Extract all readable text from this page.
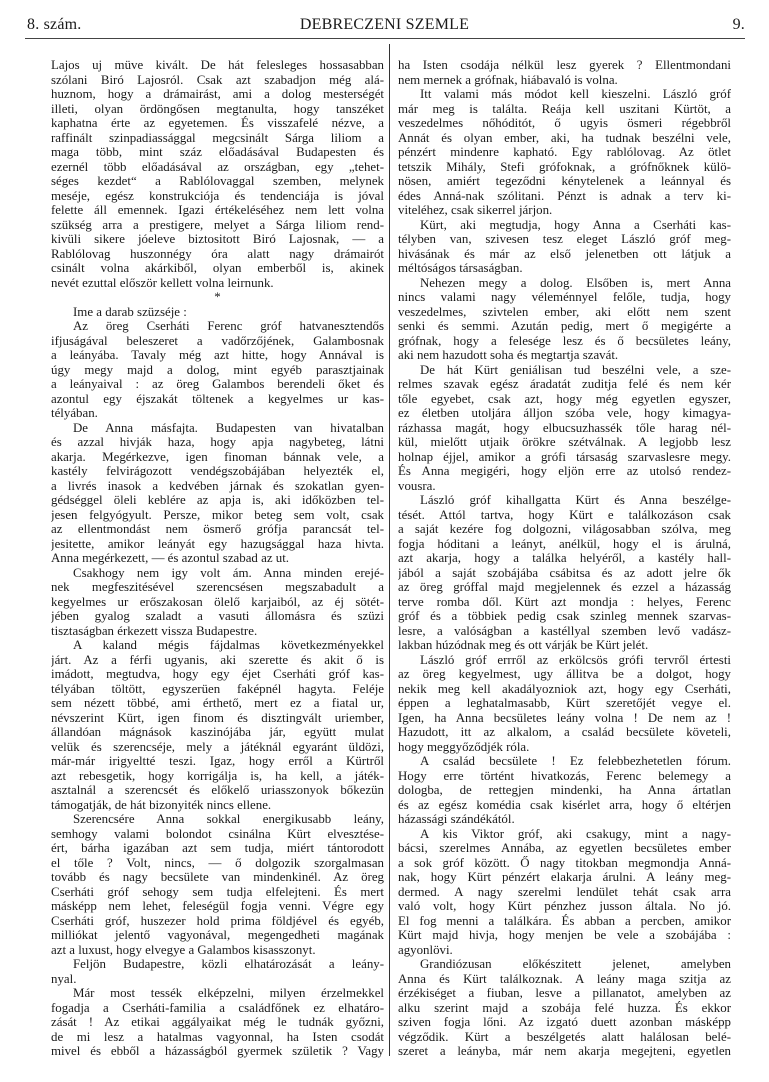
8. szám.	DEBRECZENI SZEMLE	9.
Lajos uj müve kivált. De hát felesleges hossasabban
szólani Biró Lajosról. Csak azt szabadjon még alá-
huznom, hogy a drámairást, ami a dolog mesterségét
illeti, olyan ördöngősen megtanulta, hogy tanszéket
kaphatna érte az egyetemen. És visszafelé nézve, a
raffinált szinpadiassággal megcsinált Sárga liliom a
maga több, mint száz előadásával Budapesten és
ezernél több előadásával az országban, egy „tehet-
séges kezdet“ a Rablólovaggal szemben, melynek
meséje, egész konstrukciója és tendenciája is jóval
felette áll emennek. Igazi értékeléséhez nem lett volna
szükség arra a prestigere, melyet a Sárga liliom rend-
kivüli sikere jóeleve biztositott Biró Lajosnak, — a
Rablólovag huszonnégy óra alatt nagy drámairót
csinált volna akárkiből, olyan emberből is, akinek
nevét ezuttal először kellett volna leirnunk.
*
Ime a darab szüzséje :
Az öreg Cserháti Ferenc gróf hatvanesztendős
ifjuságával beleszeret a vadőrzőjének, Galambosnak
a leányába. Tavaly még azt hitte, hogy Annával is
úgy megy majd a dolog, mint egyéb parasztjainak
a leányaival : az öreg Galambos berendeli őket és
azontul egy éjszakát töltenek a kegyelmes ur kas-
télyában.
De Anna másfajta. Budapesten van hivatalban
és azzal hivják haza, hogy apja nagybeteg, látni
akarja. Megérkezve, igen finoman bánnak vele, a
kastély felvirágozott vendégszobájában helyezték el,
a livrés inasok a kedvében járnak és szokatlan gyen-
gédséggel öleli keblére az apja is, aki időközben tel-
jesen felgyógyult. Persze, mikor beteg sem volt, csak
az ellentmondást nem ösmerő grófja parancsát tel-
jesitette, amikor leányát egy hazugsággal haza hivta.
Anna megérkezett, — és azontul szabad az ut.
Csakhogy nem igy volt ám. Anna minden erejé-
nek megfeszitésével szerencsésen megszabadult a
kegyelmes ur erőszakosan ölelő karjaiból, az éj sötét-
jében gyalog szaladt a vasuti állomásra és szüzi
tisztaságban érkezett vissza Budapestre.
A kaland mégis fájdalmas következményekkel
járt. Az a férfi ugyanis, aki szerette és akit ő is
imádott, megtudva, hogy egy éjet Cserháti gróf kas-
télyában töltött, egyszerüen faképnél hagyta. Feléje
sem nézett többé, ami érthető, mert ez a fiatal ur,
névszerint Kürt, igen finom és disztingvált uriember,
állandóan mágnások kaszinójába jár, együtt mulat
velük és szerencséje, mely a játéknál egyaránt üldözi,
már-már irigyeltté teszi. Igaz, hogy erről a Kürtről
azt rebesgetik, hogy korrigálja is, ha kell, a játék-
asztalnál a szerencsét és előkelő uriasszonyok bőkezün
támogatják, de hát bizonyiték nincs ellene.
Szerencsére Anna sokkal energikusabb leány,
semhogy valami bolondot csinálna Kürt elvesztése-
ért, bárha igazában azt sem tudja, miért tántorodott
el tőle ? Volt, nincs, — ő dolgozik szorgalmasan
tovább és nagy becsülete van mindenkinél. Az öreg
Cserháti gróf sehogy sem tudja elfelejteni. És mert
másképp nem lehet, feleségül fogja venni. Végre egy
Cserháti gróf, huszezer hold prima földjével és egyéb,
milliókat jelentő vagyonával, megengedheti magának
azt a luxust, hogy elvegye a Galambos kisasszonyt.
Feljön Budapestre, közli elhatározását a leány-
nyal.
Már most tessék elképzelni, milyen érzelmekkel
fogadja a Cserháti-familia a családfőnek ez elhatáro-
zását ! Az etikai aggályaikat még le tudnák győzni,
de mi lesz a hatalmas vagyonnal, ha Isten csodát
mivel és ebből a házasságból gyermek születik ? Vagy
ha Isten csodája nélkül lesz gyerek ? Ellentmondani
nem mernek a grófnak, hiábavaló is volna.
Itt valami más módot kell kieszelni. László gróf
már meg is találta. Reája kell uszitani Kürtöt, a
veszedelmes nőhóditót, ő ugyis ösmeri régebbről
Annát és olyan ember, aki, ha tudnak beszélni vele,
pénzért mindenre kapható. Egy rablólovag. Az ötlet
tetszik Mihály, Stefi grófoknak, a grófnőknek külö-
nösen, amiért tegeződni kénytelenek a leánnyal és
édes Anná-nak szólitani. Pénzt is adnak a terv ki-
viteléhez, csak sikerrel járjon.
Kürt, aki megtudja, hogy Anna a Cserháti kas-
télyben van, szivesen tesz eleget László gróf meg-
hivásának és már az első jelenetben ott látjuk a
méltóságos társaságban.
Nehezen megy a dolog. Elsőben is, mert Anna
nincs valami nagy véleménnyel felőle, tudja, hogy
veszedelmes, szivtelen ember, aki előtt nem szent
senki és semmi. Azután pedig, mert ő megigérte a
grófnak, hogy a felesége lesz és ő becsületes leány,
aki nem hazudott soha és megtartja szavát.
De hát Kürt geniálisan tud beszélni vele, a sze-
relmes szavak egész áradatát zuditja felé és nem kér
tőle egyebet, csak azt, hogy még egyetlen egyszer,
ez életben utoljára álljon szóba vele, hogy kimagya-
rázhassa magát, hogy elbucsuzhassék tőle harag nél-
kül, mielőtt utjaik örökre szétválnak. A legjobb lesz
holnap éjjel, amikor a grófi társaság szarvaslesre megy.
És Anna megigéri, hogy eljön erre az utolsó rendez-
vousra.
László gróf kihallgatta Kürt és Anna beszélge-
tését. Attól tartva, hogy Kürt e találkozáson csak
a saját kezére fog dolgozni, világosabban szólva, meg
fogja hóditani a leányt, anélkül, hogy el is árulná,
azt akarja, hogy a találka helyéről, a kastély hall-
jából a saját szobájába csábitsa és az adott jelre ők
az öreg gróffal majd megjelennek és ezzel a házasság
terve romba dől. Kürt azt mondja : helyes, Ferenc
gróf és a többiek pedig csak szinleg mennek szarvas-
lesre, a valóságban a kastéllyal szemben levő vadász-
lakban húzódnak meg és ott várják be Kürt jelét.
László gróf errről az erkölcsös grófi tervről értesti
az öreg kegyelmest, ugy állitva be a dolgot, hogy
nekik meg kell akadályozniok azt, hogy egy Cserháti,
éppen a leghatalmasabb, Kürt szeretőjét vegye el.
Igen, ha Anna becsületes leány volna ! De nem az !
Hazudott, itt az alkalom, a család becsülete követeli,
hogy meggyőződjék róla.
A család becsülete ! Ez felebbezhetetlen fórum.
Hogy erre történt hivatkozás, Ferenc belemegy a
dologba, de rettegjen mindenki, ha Anna ártatlan
és az egész komédia csak kisérlet arra, hogy ő eltérjen
házassági szándékától.
A kis Viktor gróf, aki csakugy, mint a nagy-
bácsi, szerelmes Annába, az egyetlen becsületes ember
a sok gróf között. Ő nagy titokban megmondja Anná-
nak, hogy Kürt pénzért elakarja árulni. A leány meg-
dermed. A nagy szerelmi lendület tehát csak arra
való volt, hogy Kürt pénzhez jusson általa. No jó.
El fog menni a találkára. És abban a percben, amikor
Kürt majd hivja, hogy menjen be vele a szobájába :
agyonlövi.
Grandiózusan előkészitett jelenet, amelyben
Anna és Kürt találkoznak. A leány maga szitja az
érzékiséget a fiuban, lesve a pillanatot, amelyben az
alku szerint majd a szobája felé huzza. És ekkor
sziven fogja lőni. Az izgató duett azonban másképp
végződik. Kürt a beszélgetés alatt halálosan belé-
szeret a leányba, már nem akarja megejteni, egyetlen
